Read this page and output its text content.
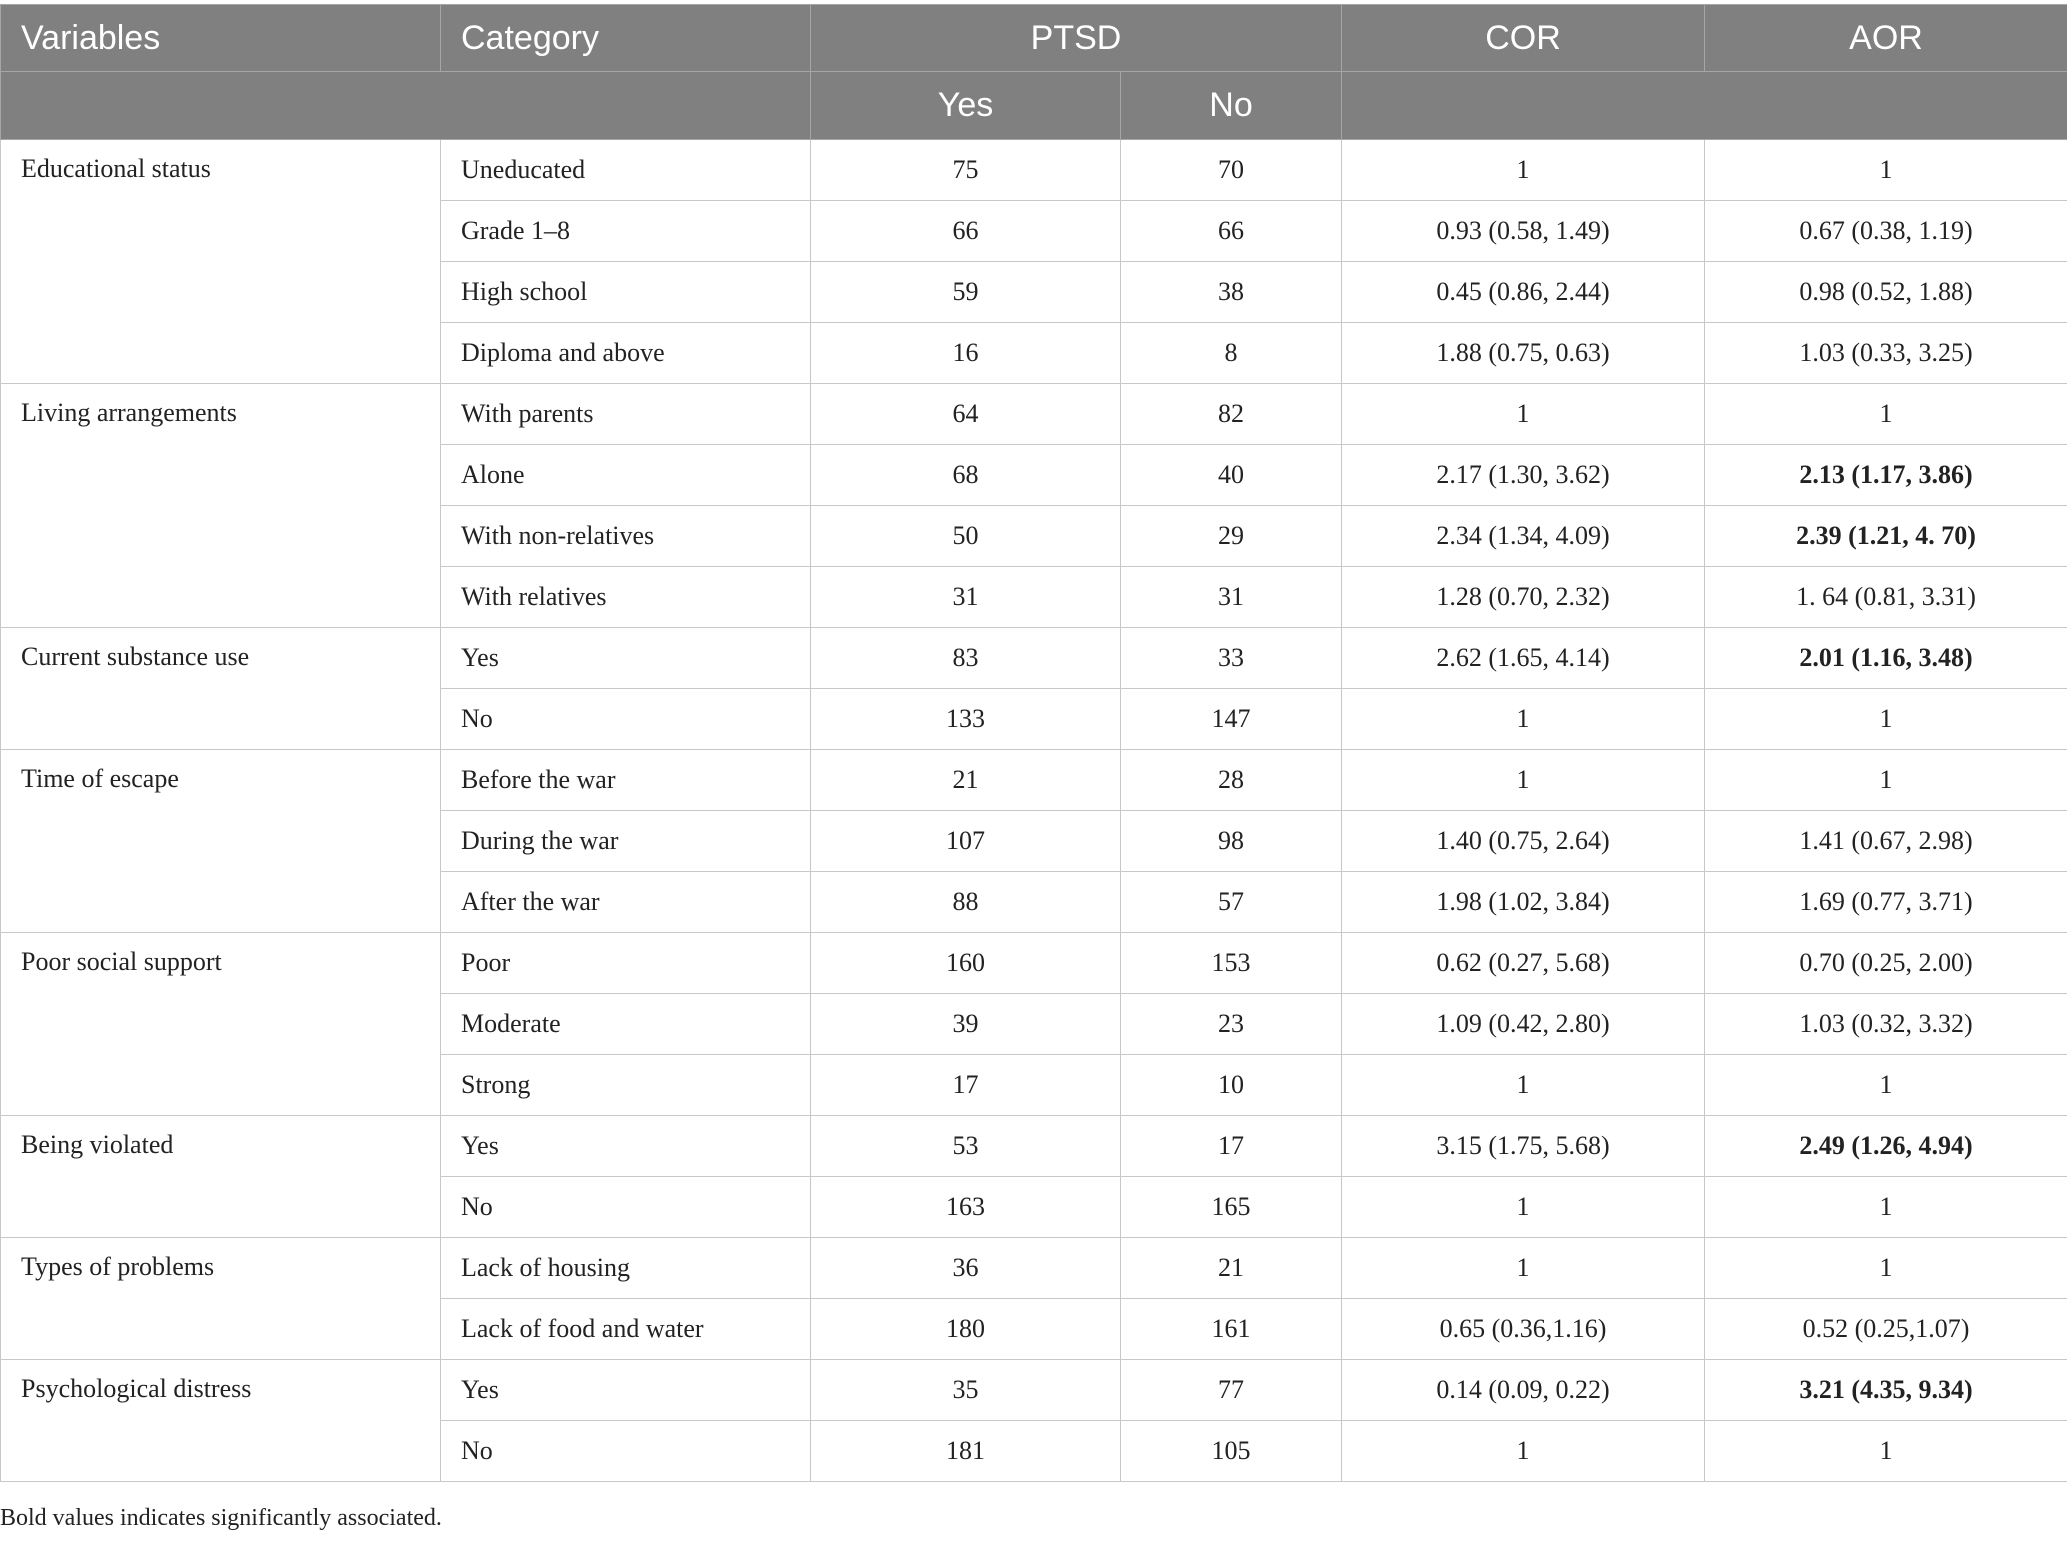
Variables	Category	PTSD		COR	AOR
		Yes	No		
Educational status	Uneducated	75	70	1	1
	Grade 1–8	66	66	0.93 (0.58, 1.49)	0.67 (0.38, 1.19)
	High school	59	38	0.45 (0.86, 2.44)	0.98 (0.52, 1.88)
	Diploma and above	16	8	1.88 (0.75, 0.63)	1.03 (0.33, 3.25)
Living arrangements	With parents	64	82	1	1
	Alone	68	40	2.17 (1.30, 3.62)	2.13 (1.17, 3.86)
	With non-relatives	50	29	2.34 (1.34, 4.09)	2.39 (1.21, 4. 70)
	With relatives	31	31	1.28 (0.70, 2.32)	1. 64 (0.81, 3.31)
Current substance use	Yes	83	33	2.62 (1.65, 4.14)	2.01 (1.16, 3.48)
	No	133	147	1	1
Time of escape	Before the war	21	28	1	1
	During the war	107	98	1.40 (0.75, 2.64)	1.41 (0.67, 2.98)
	After the war	88	57	1.98 (1.02, 3.84)	1.69 (0.77, 3.71)
Poor social support	Poor	160	153	0.62 (0.27, 5.68)	0.70 (0.25, 2.00)
	Moderate	39	23	1.09 (0.42, 2.80)	1.03 (0.32, 3.32)
	Strong	17	10	1	1
Being violated	Yes	53	17	3.15 (1.75, 5.68)	2.49 (1.26, 4.94)
	No	163	165	1	1
Types of problems	Lack of housing	36	21	1	1
	Lack of food and water	180	161	0.65 (0.36,1.16)	0.52 (0.25,1.07)
Psychological distress	Yes	35	77	0.14 (0.09, 0.22)	3.21 (4.35, 9.34)
	No	181	105	1	1
Bold values indicates significantly associated.
